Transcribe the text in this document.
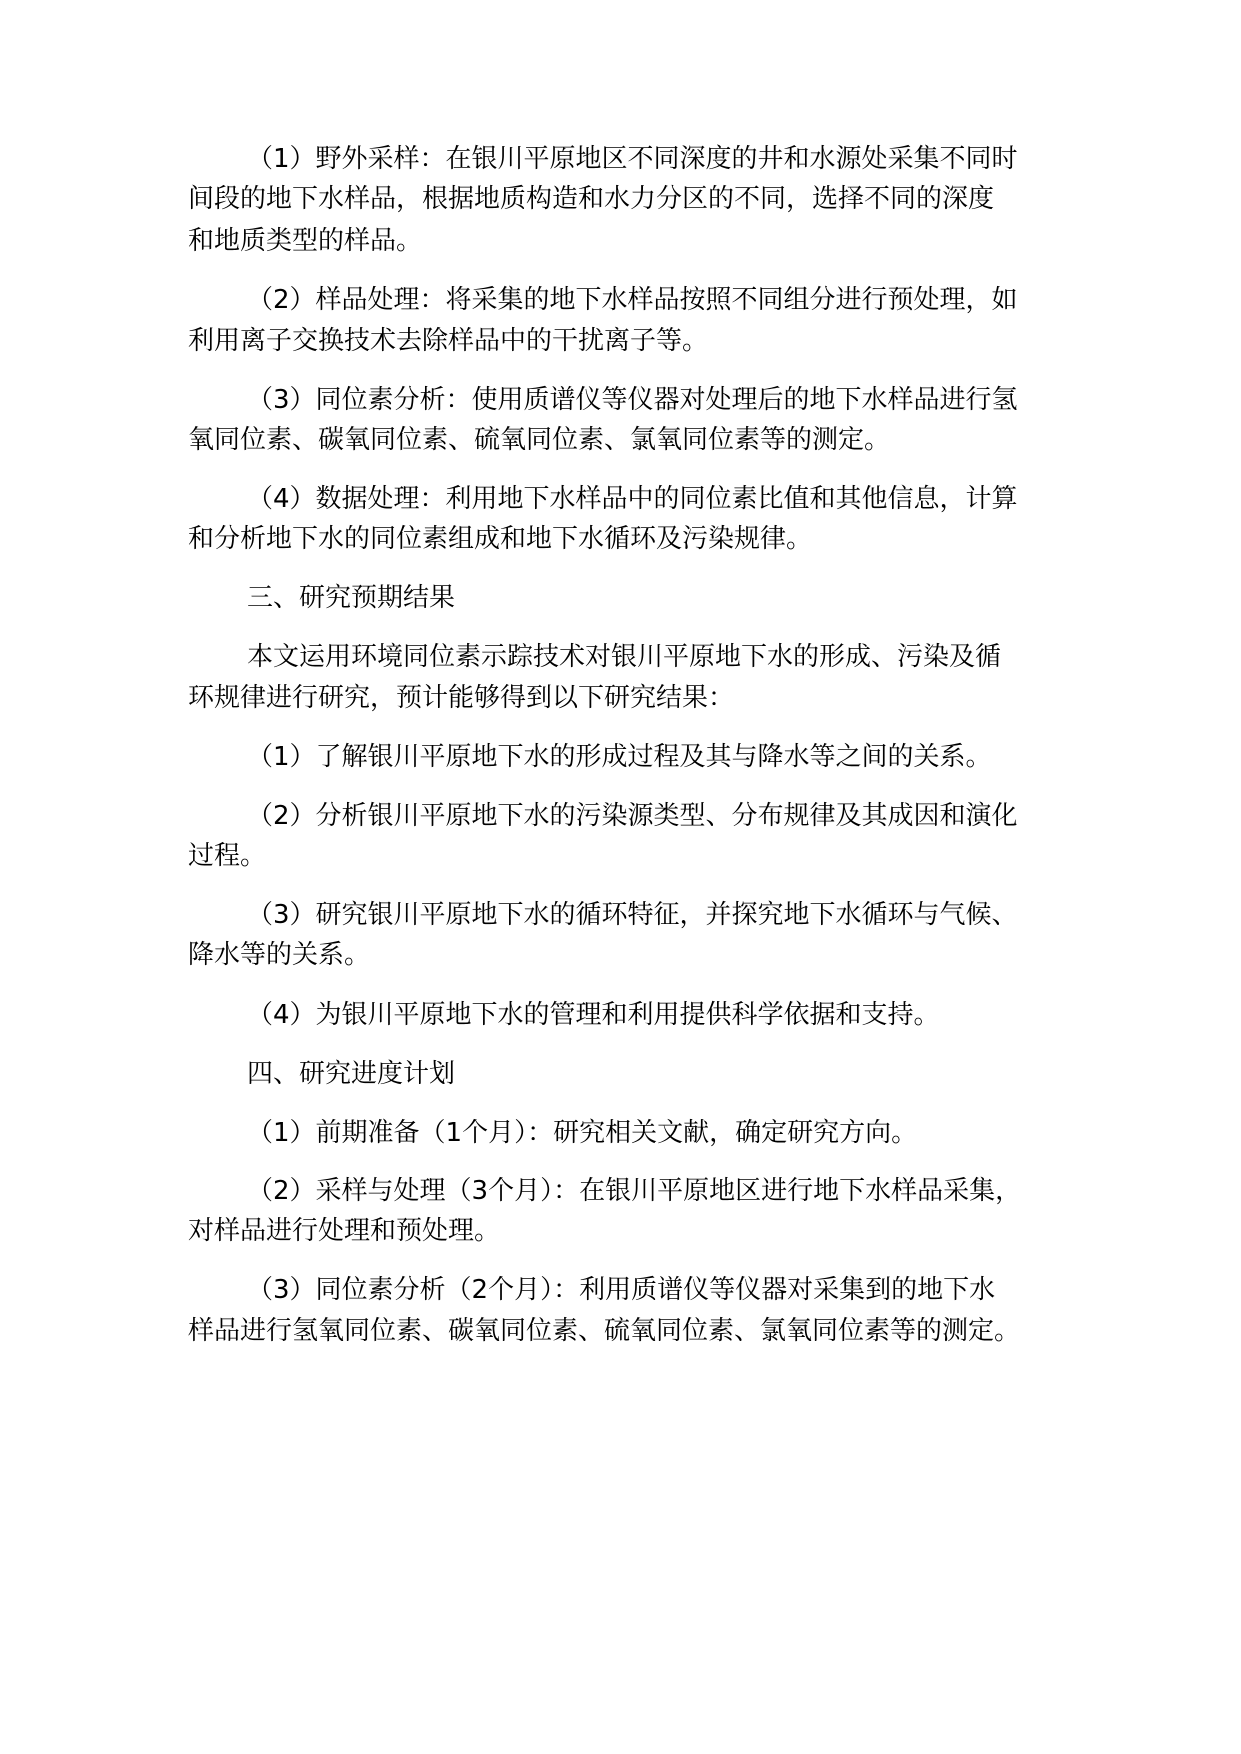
（1）野外采样：在银川平原地区不同深度的井和水源处采集不同时
间段的地下水样品，根据地质构造和水力分区的不同，选择不同的深度
和地质类型的样品。
（2）样品处理：将采集的地下水样品按照不同组分进行预处理，如
利用离子交换技术去除样品中的干扰离子等。
（3）同位素分析：使用质谱仪等仪器对处理后的地下水样品进行氢
氧同位素、碳氧同位素、硫氧同位素、氯氧同位素等的测定。
（4）数据处理：利用地下水样品中的同位素比值和其他信息，计算
和分析地下水的同位素组成和地下水循环及污染规律。
三、研究预期结果
本文运用环境同位素示踪技术对银川平原地下水的形成、污染及循
环规律进行研究，预计能够得到以下研究结果：
（1）了解银川平原地下水的形成过程及其与降水等之间的关系。
（2）分析银川平原地下水的污染源类型、分布规律及其成因和演化
过程。
（3）研究银川平原地下水的循环特征，并探究地下水循环与气候、
降水等的关系。
（4）为银川平原地下水的管理和利用提供科学依据和支持。
四、研究进度计划
（1）前期准备（1个月）：研究相关文献，确定研究方向。
（2）采样与处理（3个月）：在银川平原地区进行地下水样品采集，
对样品进行处理和预处理。
（3）同位素分析（2个月）：利用质谱仪等仪器对采集到的地下水
样品进行氢氧同位素、碳氧同位素、硫氧同位素、氯氧同位素等的测定。
